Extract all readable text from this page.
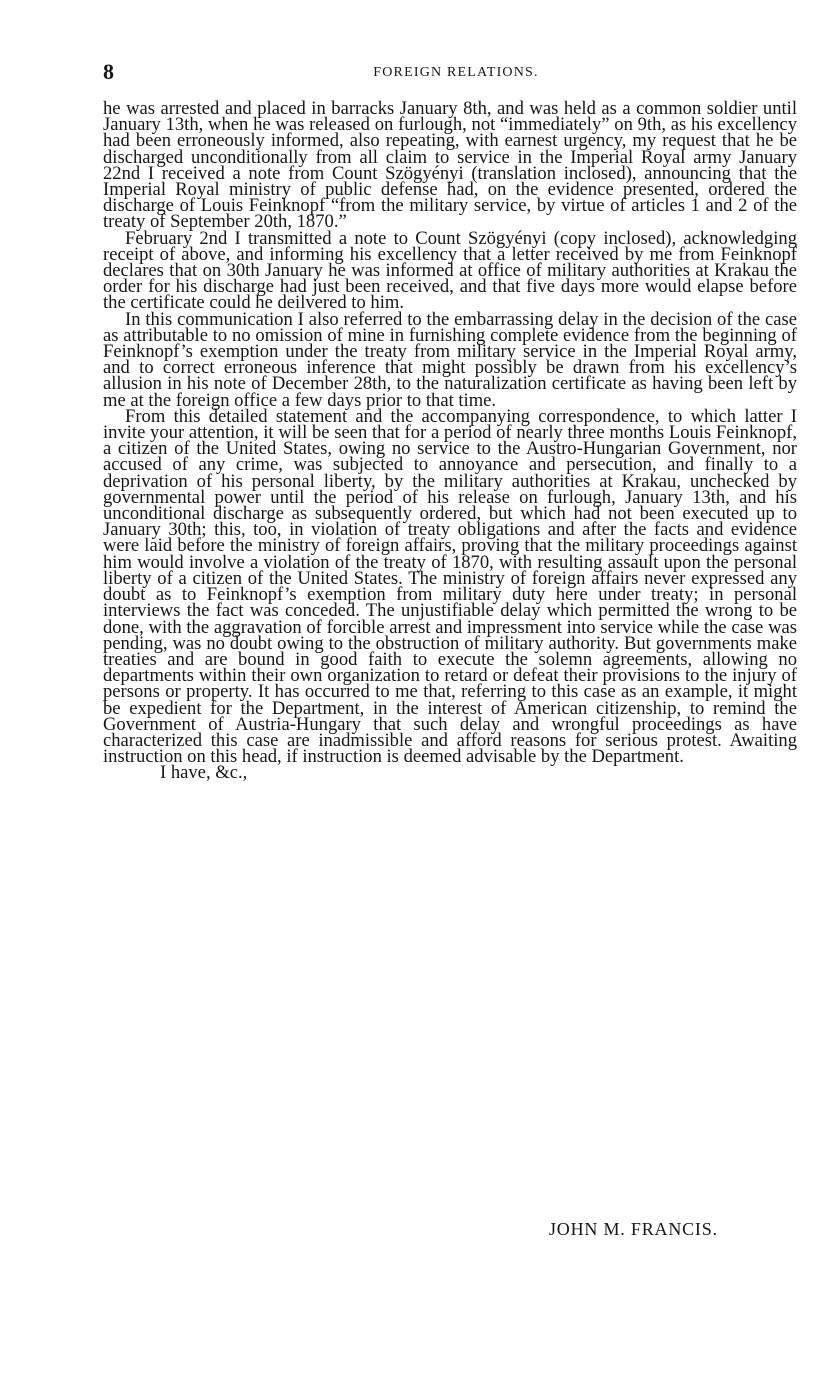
8	FOREIGN RELATIONS.

he was arrested and placed in barracks January 8th, and was held as a common soldier until January 13th, when he was released on furlough, not “immediately” on 9th, as his excellency had been erroneously informed, also repeating, with earnest urgency, my request that he be discharged unconditionally from all claim to service in the Imperial Royal army January 22nd I received a note from Count Szögyényi (translation inclosed), announcing that the Imperial Royal ministry of public defense had, on the evidence presented, ordered the discharge of Louis Feinknopf “from the military service, by virtue of articles 1 and 2 of the treaty of September 20th, 1870.”

February 2nd I transmitted a note to Count Szögyényi (copy inclosed), acknowledging receipt of above, and informing his excellency that a letter received by me from Feinknopf declares that on 30th January he was informed at office of military authorities at Krakau the order for his discharge had just been received, and that five days more would elapse before the certificate could he deilvered to him.

In this communication I also referred to the embarrassing delay in the decision of the case as attributable to no omission of mine in furnishing complete evidence from the beginning of Feinknopf’s exemption under the treaty from military service in the Imperial Royal army, and to correct erroneous inference that might possibly be drawn from his excellency’s allusion in his note of December 28th, to the naturalization certificate as having been left by me at the foreign office a few days prior to that time.

From this detailed statement and the accompanying correspondence, to which latter I invite your attention, it will be seen that for a period of nearly three months Louis Feinknopf, a citizen of the United States, owing no service to the Austro-Hungarian Government, nor accused of any crime, was subjected to annoyance and persecution, and finally to a deprivation of his personal liberty, by the military authorities at Krakau, unchecked by governmental power until the period of his release on furlough, January 13th, and his unconditional discharge as subsequently ordered, but which had not been executed up to January 30th; this, too, in violation of treaty obligations and after the facts and evidence were laid before the ministry of foreign affairs, proving that the military proceedings against him would involve a violation of the treaty of 1870, with resulting assault upon the personal liberty of a citizen of the United States. The ministry of foreign affairs never expressed any doubt as to Feinknopf’s exemption from military duty here under treaty; in personal interviews the fact was conceded. The unjustifiable delay which permitted the wrong to be done, with the aggravation of forcible arrest and impressment into service while the case was pending, was no doubt owing to the obstruction of military authority. But governments make treaties and are bound in good faith to execute the solemn agreements, allowing no departments within their own organization to retard or defeat their provisions to the injury of persons or property. It has occurred to me that, referring to this case as an example, it might be expedient for the Department, in the interest of American citizenship, to remind the Government of Austria-Hungary that such delay and wrongful proceedings as have characterized this case are inadmissible and afford reasons for serious protest. Awaiting instruction on this head, if instruction is deemed advisable by the Department.

I have, &c.,

JOHN M. FRANCIS.
